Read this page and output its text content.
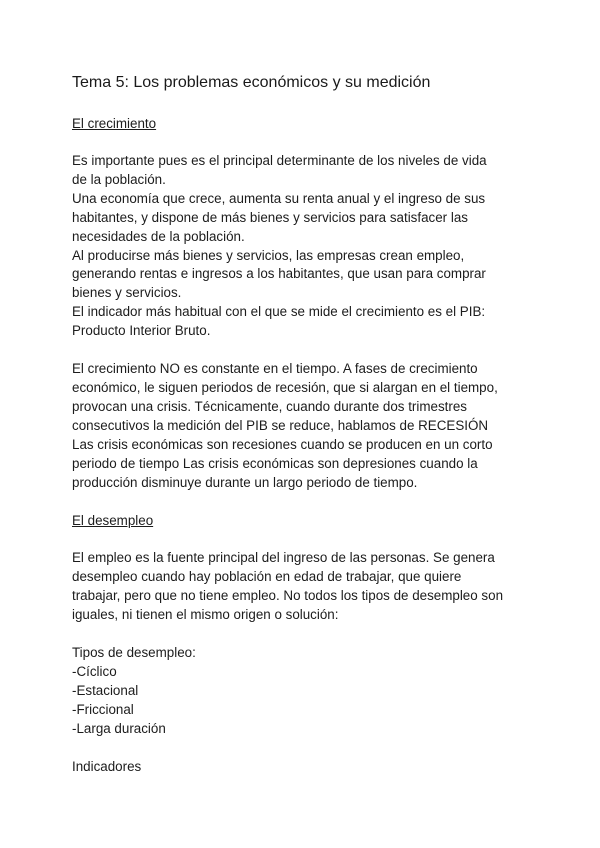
Tema 5: Los problemas económicos y su medición
El crecimiento

Es importante pues es el principal determinante de los niveles de vida
de la población.
Una economía que crece, aumenta su renta anual y el ingreso de sus
habitantes, y dispone de más bienes y servicios para satisfacer las
necesidades de la población.
Al producirse más bienes y servicios, las empresas crean empleo,
generando rentas e ingresos a los habitantes, que usan para comprar
bienes y servicios.
El indicador más habitual con el que se mide el crecimiento es el PIB:
Producto Interior Bruto.

El crecimiento NO es constante en el tiempo. A fases de crecimiento
económico, le siguen periodos de recesión, que si alargan en el tiempo,
provocan una crisis. Técnicamente, cuando durante dos trimestres
consecutivos la medición del PIB se reduce, hablamos de RECESIÓN
Las crisis económicas son recesiones cuando se producen en un corto
periodo de tiempo Las crisis económicas son depresiones cuando la
producción disminuye durante un largo periodo de tiempo.

El desempleo

El empleo es la fuente principal del ingreso de las personas. Se genera
desempleo cuando hay población en edad de trabajar, que quiere
trabajar, pero que no tiene empleo. No todos los tipos de desempleo son
iguales, ni tienen el mismo origen o solución:

Tipos de desempleo:

-Cíclico
-Estacional
-Friccional
-Larga duración

Indicadores
